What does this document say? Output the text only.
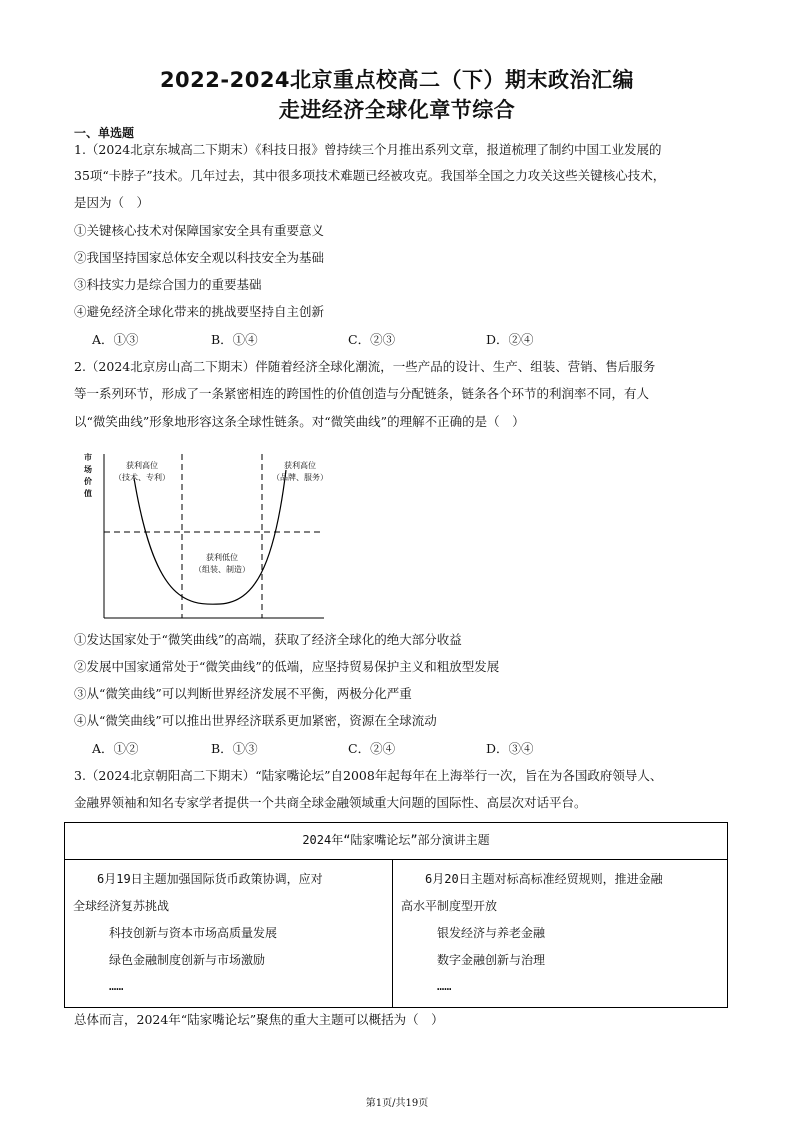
2022-2024北京重点校高二（下）期末政治汇编
走进经济全球化章节综合
一、单选题
1.（2024北京东城高二下期末）《科技日报》曾持续三个月推出系列文章，报道梳理了制约中国工业发展的
35项“卡脖子”技术。几年过去，其中很多项技术难题已经被攻克。我国举全国之力攻关这些关键核心技术，
是因为（　）
①关键核心技术对保障国家安全具有重要意义
②我国坚持国家总体安全观以科技安全为基础
③科技实力是综合国力的重要基础
④避免经济全球化带来的挑战要坚持自主创新
A．①③	B．①④	C．②③	D．②④
2.（2024北京房山高二下期末）伴随着经济全球化潮流，一些产品的设计、生产、组装、营销、售后服务
等一系列环节，形成了一条紧密相连的跨国性的价值创造与分配链条，链条各个环节的利润率不同，有人
以“微笑曲线”形象地形容这条全球性链条。对“微笑曲线”的理解不正确的是（　）
市
场
价
值
获利高位
（技术、专利）
获利高位
（品牌、服务）
获利低位
（组装、制造）
①发达国家处于“微笑曲线”的高端，获取了经济全球化的绝大部分收益
②发展中国家通常处于“微笑曲线”的低端，应坚持贸易保护主义和粗放型发展
③从“微笑曲线”可以判断世界经济发展不平衡，两极分化严重
④从“微笑曲线”可以推出世界经济联系更加紧密，资源在全球流动
A．①②	B．①③	C．②④	D．③④
3.（2024北京朝阳高二下期末）“陆家嘴论坛”自2008年起每年在上海举行一次，旨在为各国政府领导人、
金融界领袖和知名专家学者提供一个共商全球金融领域重大问题的国际性、高层次对话平台。
2024年“陆家嘴论坛”部分演讲主题
　　6月19日主题加强国际货币政策协调，应对
全球经济复苏挑战
　　　科技创新与资本市场高质量发展
　　　绿色金融制度创新与市场激励
　　　……
　　6月20日主题对标高标准经贸规则，推进金融
高水平制度型开放
　　　银发经济与养老金融
　　　数字金融创新与治理
　　　……
总体而言，2024年“陆家嘴论坛”聚焦的重大主题可以概括为（　）
第1页/共19页
